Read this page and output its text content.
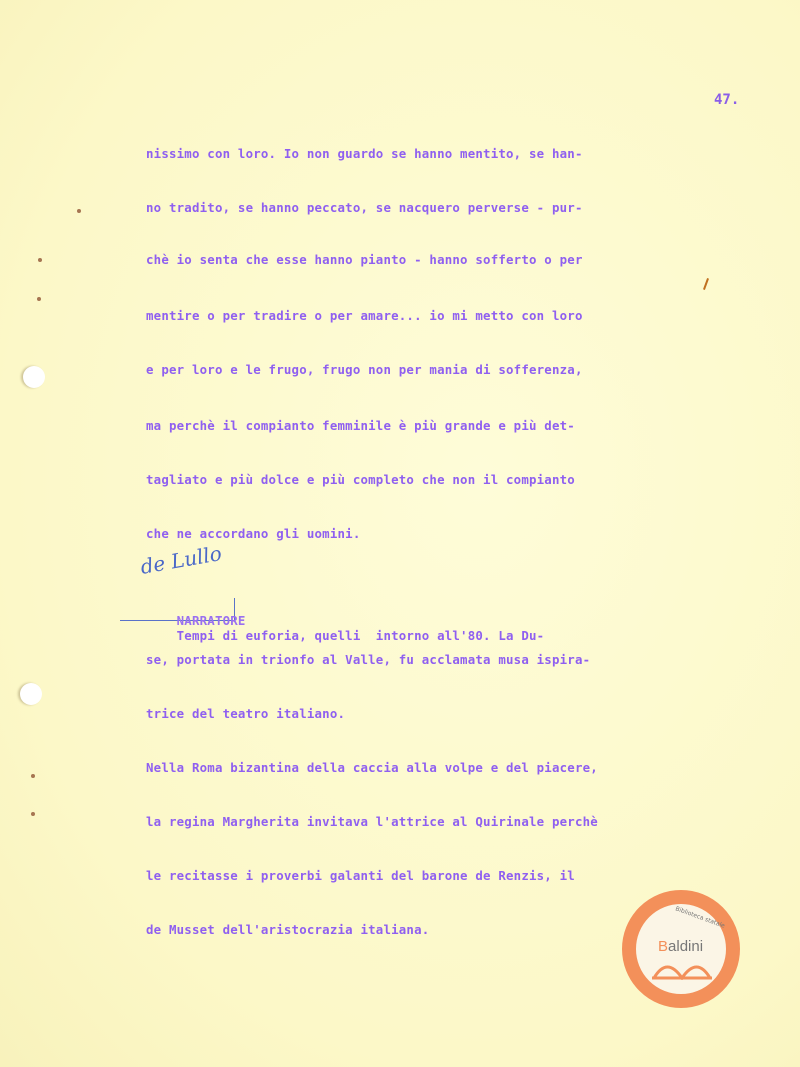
47.
nissimo con loro. Io non guardo se hanno mentito, se han-
no tradito, se hanno peccato, se nacquero perverse - pur-
chè io senta che esse hanno pianto - hanno sofferto o per
mentire o per tradire o per amare... io mi metto con loro
e per loro e le frugo, frugo non per mania di sofferenza,
ma perchè il compianto femminile è più grande e più det-
tagliato e più dolce e più completo che non il compianto
che ne accordano gli uomini.
de Lullo

NARRATORE
Tempi di euforia, quelli  intorno all'80. La Du-

se, portata in trionfo al Valle, fu acclamata musa ispira-
trice del teatro italiano.
Nella Roma bizantina della caccia alla volpe e del piacere,
la regina Margherita invitava l'attrice al Quirinale perchè
le recitasse i proverbi galanti del barone de Renzis, il
de Musset dell'aristocrazia italiana.	Biblioteca statale
Baldini
